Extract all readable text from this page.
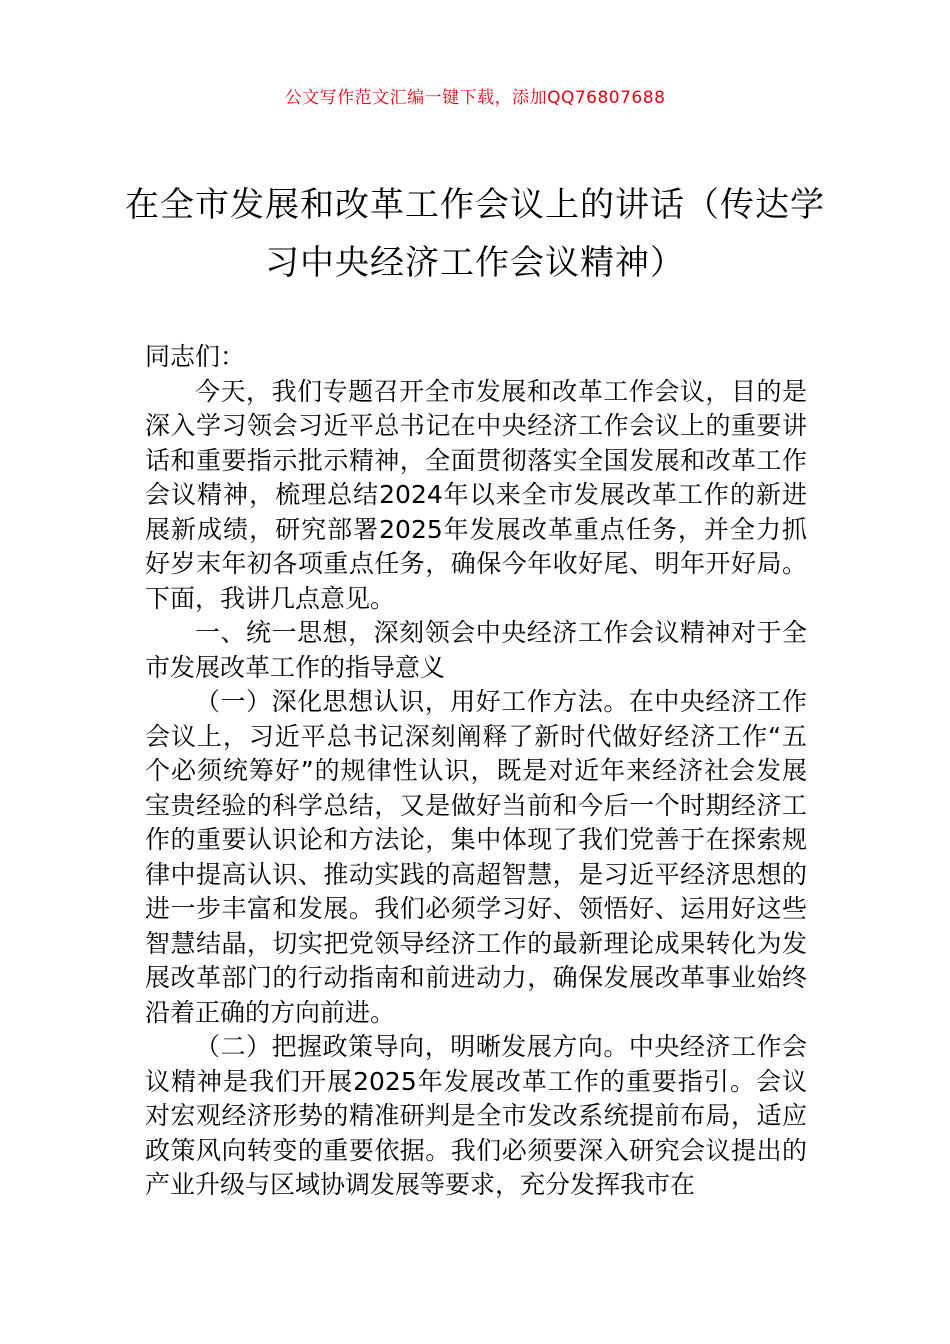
公文写作范文汇编一键下载，添加QQ76807688
在全市发展和改革工作会议上的讲话（传达学习中央经济工作会议精神）

同志们：

今天，我们专题召开全市发展和改革工作会议，目的是深入学习领会习近平总书记在中央经济工作会议上的重要讲话和重要指示批示精神，全面贯彻落实全国发展和改革工作会议精神，梳理总结2024年以来全市发展改革工作的新进展新成绩，研究部署2025年发展改革重点任务，并全力抓好岁末年初各项重点任务，确保今年收好尾、明年开好局。下面，我讲几点意见。

一、统一思想，深刻领会中央经济工作会议精神对于全市发展改革工作的指导意义

（一）深化思想认识，用好工作方法。在中央经济工作会议上，习近平总书记深刻阐释了新时代做好经济工作“五个必须统筹好”的规律性认识，既是对近年来经济社会发展宝贵经验的科学总结，又是做好当前和今后一个时期经济工作的重要认识论和方法论，集中体现了我们党善于在探索规律中提高认识、推动实践的高超智慧，是习近平经济思想的进一步丰富和发展。我们必须学习好、领悟好、运用好这些智慧结晶，切实把党领导经济工作的最新理论成果转化为发展改革部门的行动指南和前进动力，确保发展改革事业始终沿着正确的方向前进。

（二）把握政策导向，明晰发展方向。中央经济工作会议精神是我们开展2025年发展改革工作的重要指引。会议对宏观经济形势的精准研判是全市发改系统提前布局，适应政策风向转变的重要依据。我们必须要深入研究会议提出的产业升级与区域协调发展等要求，充分发挥我市在
